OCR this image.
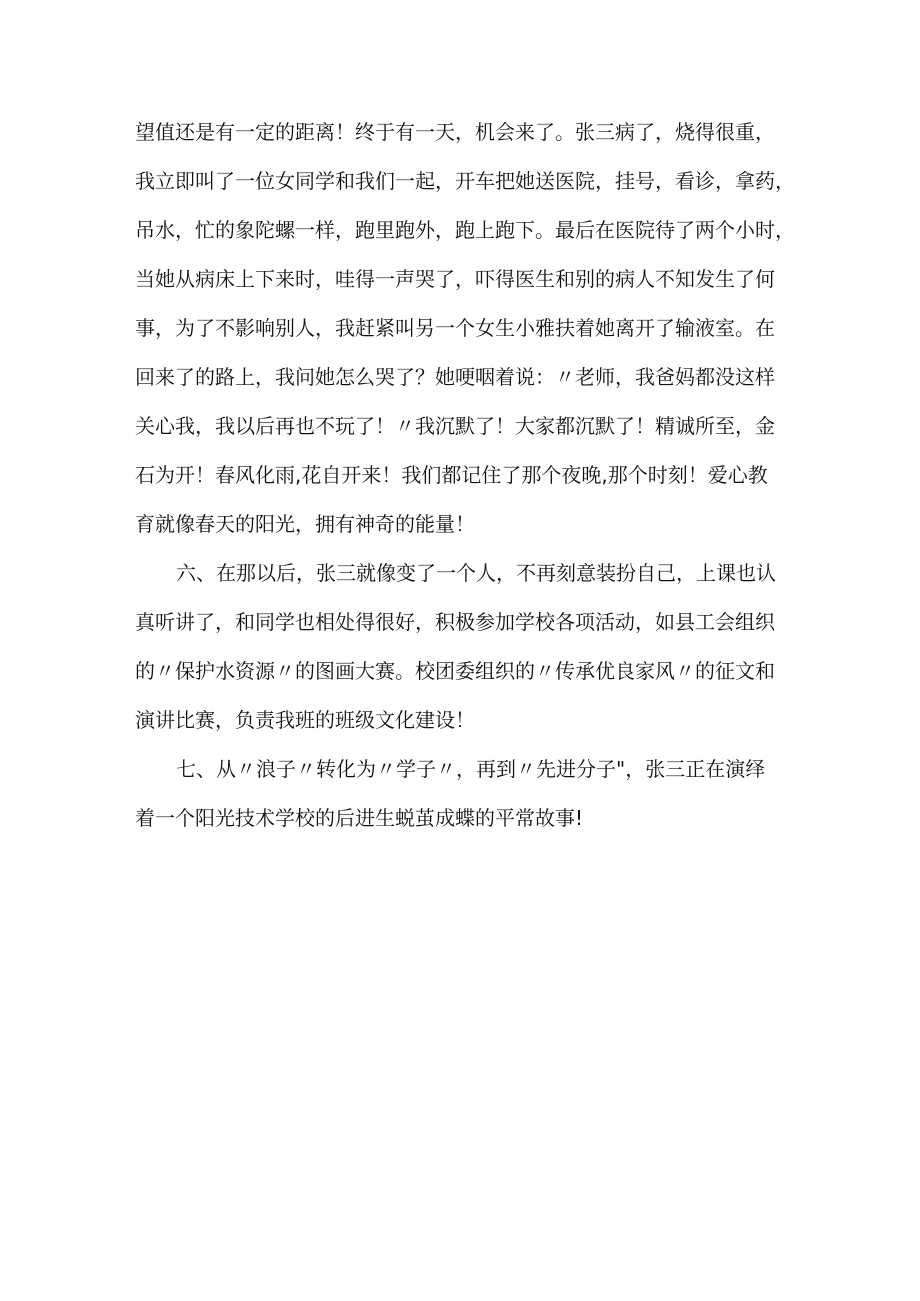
望值还是有一定的距离！终于有一天，机会来了。张三病了，烧得很重，
我立即叫了一位女同学和我们一起，开车把她送医院，挂号，看诊，拿药，
吊水，忙的象陀螺一样，跑里跑外，跑上跑下。最后在医院待了两个小时，
当她从病床上下来时，哇得一声哭了，吓得医生和别的病人不知发生了何
事，为了不影响别人，我赶紧叫另一个女生小雅扶着她离开了输液室。在
回来了的路上，我问她怎么哭了？她哽咽着说：〃老师，我爸妈都没这样
关心我，我以后再也不玩了！〃我沉默了！大家都沉默了！精诚所至，金
石为开！春风化雨,花自开来！我们都记住了那个夜晚,那个时刻！爱心教
育就像春天的阳光，拥有神奇的能量！
六、在那以后，张三就像变了一个人，不再刻意装扮自己，上课也认
真听讲了，和同学也相处得很好，积极参加学校各项活动，如县工会组织
的〃保护水资源〃的图画大赛。校团委组织的〃传承优良家风〃的征文和
演讲比赛，负责我班的班级文化建设！
七、从〃浪子〃转化为〃学子〃，再到〃先进分子"，张三正在演绎
着一个阳光技术学校的后进生蜕茧成蝶的平常故事!
